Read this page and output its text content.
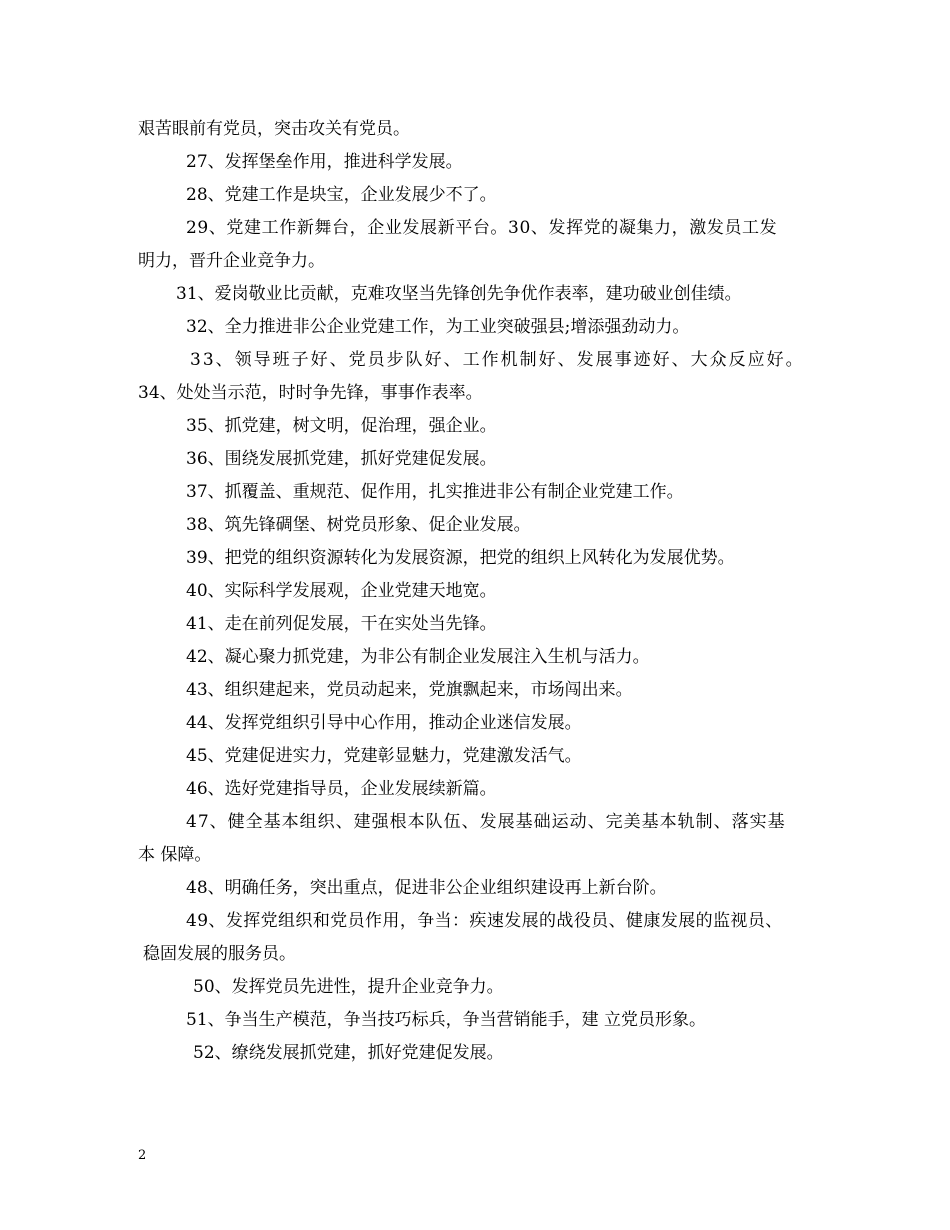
艰苦眼前有党员，突击攻关有党员。
27、发挥堡垒作用，推进科学发展。
28、党建工作是块宝，企业发展少不了。
29、党建工作新舞台，企业发展新平台。30、发挥党的凝集力，激发员工发
明力，晋升企业竞争力。
31、爱岗敬业比贡献，克难攻坚当先锋创先争优作表率，建功破业创佳绩。
32、全力推进非公企业党建工作，为工业突破强县;增添强劲动力。
33、领导班子好、党员步队好、工作机制好、发展事迹好、大众反应好。
34、处处当示范，时时争先锋，事事作表率。
35、抓党建，树文明，促治理，强企业。
36、围绕发展抓党建，抓好党建促发展。
37、抓覆盖、重规范、促作用，扎实推进非公有制企业党建工作。
38、筑先锋碉堡、树党员形象、促企业发展。
39、把党的组织资源转化为发展资源，把党的组织上风转化为发展优势。
40、实际科学发展观，企业党建天地宽。
41、走在前列促发展，干在实处当先锋。
42、凝心聚力抓党建，为非公有制企业发展注入生机与活力。
43、组织建起来，党员动起来，党旗飘起来，市场闯出来。
44、发挥党组织引导中心作用，推动企业迷信发展。
45、党建促进实力，党建彰显魅力，党建激发活气。
46、选好党建指导员，企业发展续新篇。
47、健全基本组织、建强根本队伍、发展基础运动、完美基本轨制、落实基
本 保障。
48、明确任务，突出重点，促进非公企业组织建设再上新台阶。
49、发挥党组织和党员作用，争当：疾速发展的战役员、健康发展的监视员、
稳固发展的服务员。
50、发挥党员先进性，提升企业竞争力。
51、争当生产模范，争当技巧标兵，争当营销能手，建 立党员形象。
52、缭绕发展抓党建，抓好党建促发展。
2
